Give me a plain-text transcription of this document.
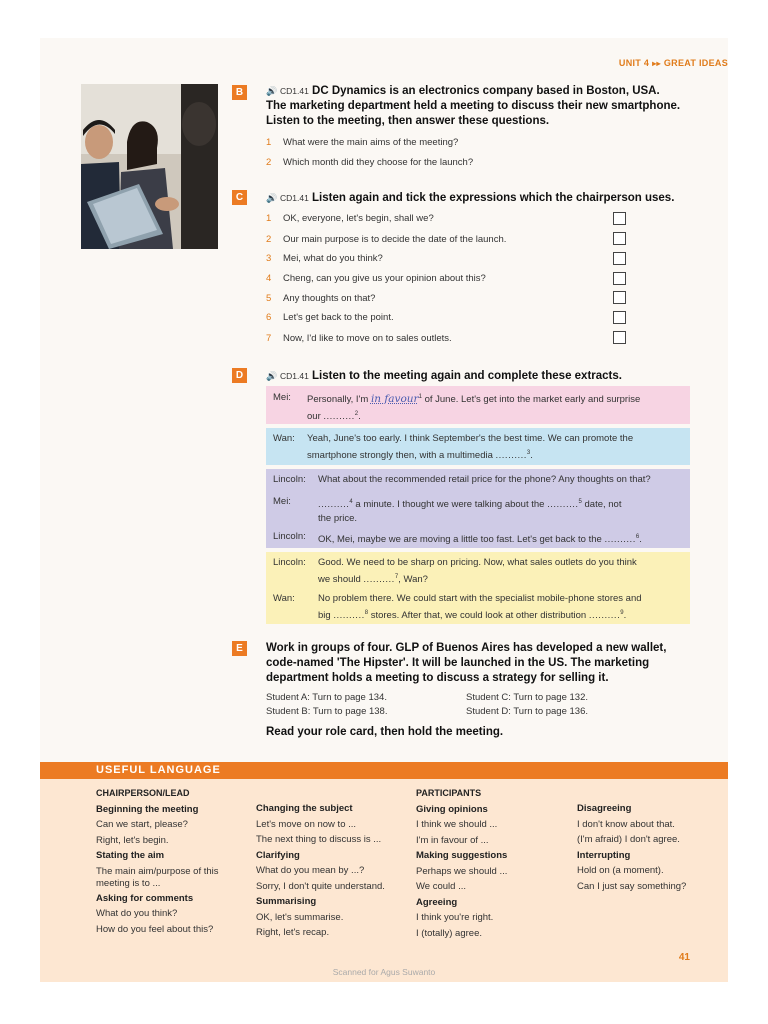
UNIT 4 ▸▸ GREAT IDEAS
B	🔊 CD1.41 DC Dynamics is an electronics company based in Boston, USA.
The marketing department held a meeting to discuss their new smartphone.
Listen to the meeting, then answer these questions.
1 What were the main aims of the meeting?
2 Which month did they choose for the launch?
C	🔊 CD1.41 Listen again and tick the expressions which the chairperson uses.
1 OK, everyone, let's begin, shall we?
2 Our main purpose is to decide the date of the launch.
3 Mei, what do you think?
4 Cheng, can you give us your opinion about this?
5 Any thoughts on that?
6 Let's get back to the point.
7 Now, I'd like to move on to sales outlets.
D	🔊 CD1.41 Listen to the meeting again and complete these extracts.
Mei: Personally, I'm in favour$^1$ of June. Let's get into the market early and surprise
our ..........$^2$.
Wan: Yeah, June's too early. I think September's the best time. We can promote the
smartphone strongly then, with a multimedia ..........$^3$.
Lincoln: What about the recommended retail price for the phone? Any thoughts on that?
Mei:	..........$^4$ a minute. I thought we were talking about the ..........$^5$ date, not
the price.
Lincoln: OK, Mei, maybe we are moving a little too fast. Let's get back to the ..........$^6$.
Lincoln: Good. We need to be sharp on pricing. Now, what sales outlets do you think
we should ..........$^7$, Wan?
Wan: No problem there. We could start with the specialist mobile-phone stores and
big ..........$^8$ stores. After that, we could look at other distribution ..........$^9$.
E	Work in groups of four. GLP of Buenos Aires has developed a new wallet,
code-named 'The Hipster'. It will be launched in the US. The marketing
department holds a meeting to discuss a strategy for selling it.
Student A: Turn to page 134.
Student B: Turn to page 138.
Student C: Turn to page 132.
Student D: Turn to page 136.
Read your role card, then hold the meeting.
USEFUL LANGUAGE
CHAIRPERSON/LEAD
Beginning the meeting
Can we start, please?
Right, let's begin.
Stating the aim
The main aim/purpose of this
meeting is to ...
Asking for comments
What do you think?
How do you feel about this?
Changing the subject
Let's move on now to ...
The next thing to discuss is ...
Clarifying
What do you mean by ...?
Sorry, I don't quite understand.
Summarising
OK, let's summarise.
Right, let's recap.
PARTICIPANTS
Giving opinions
I think we should ...
I'm in favour of ...
Making suggestions
Perhaps we should ...
We could ...
Agreeing
I think you're right.
I (totally) agree.
Disagreeing
I don't know about that.
(I'm afraid) I don't agree.
Interrupting
Hold on (a moment).
Can I just say something?
41
Scanned for Agus Suwanto
